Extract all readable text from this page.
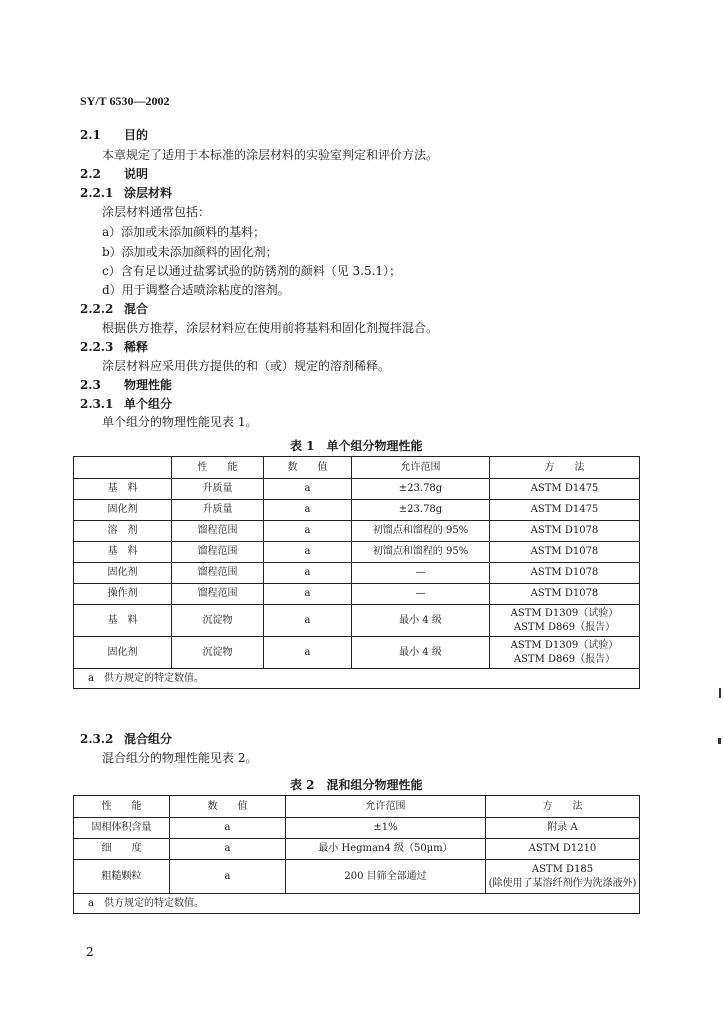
SY/T 6530—2002
2.1 目的
本章规定了适用于本标准的涂层材料的实验室判定和评价方法。
2.2 说明
2.2.1 涂层材料
涂层材料通常包括：
a）添加或未添加颜料的基料；
b）添加或未添加颜料的固化剂；
c）含有足以通过盐雾试验的防锈剂的颜料（见 3.5.1）；
d）用于调整合适喷涂粘度的溶剂。
2.2.2 混合
根据供方推荐，涂层材料应在使用前将基料和固化剂搅拌混合。
2.2.3 稀释
涂层材料应采用供方提供的和（或）规定的溶剂稀释。
2.3 物理性能
2.3.1 单个组分
单个组分的物理性能见表 1。
表 1　单个组分物理性能
	性　　能	数　　值	允许范围	方　　法
基　料	升质量	a	±23.78g	ASTM D1475
固化剂	升质量	a	±23.78g	ASTM D1475
溶　剂	馏程范围	a	初馏点和馏程的 95%	ASTM D1078
基　料	馏程范围	a	初馏点和馏程的 95%	ASTM D1078
固化剂	馏程范围	a	—	ASTM D1078
操作剂	馏程范围	a	—	ASTM D1078
基　料	沉淀物	a	最小 4 级	ASTM D1309（试验）
ASTM D869（报告）
固化剂	沉淀物	a	最小 4 级	ASTM D1309（试验）
ASTM D869（报告）
a　供方规定的特定数值。				
2.3.2 混合组分
混合组分的物理性能见表 2。
表 2　混和组分物理性能
性　　能	数　　值	允许范围	方　　法
固相体积含量	a	±1%	附录 A
细　　度	a	最小 Hegman4 级（50μm）	ASTM D1210
粗糙颗粒	a	200 目筛全部通过	ASTM D185
(除使用了某溶纤剂作为洗涤液外)
a　供方规定的特定数值。			
2
